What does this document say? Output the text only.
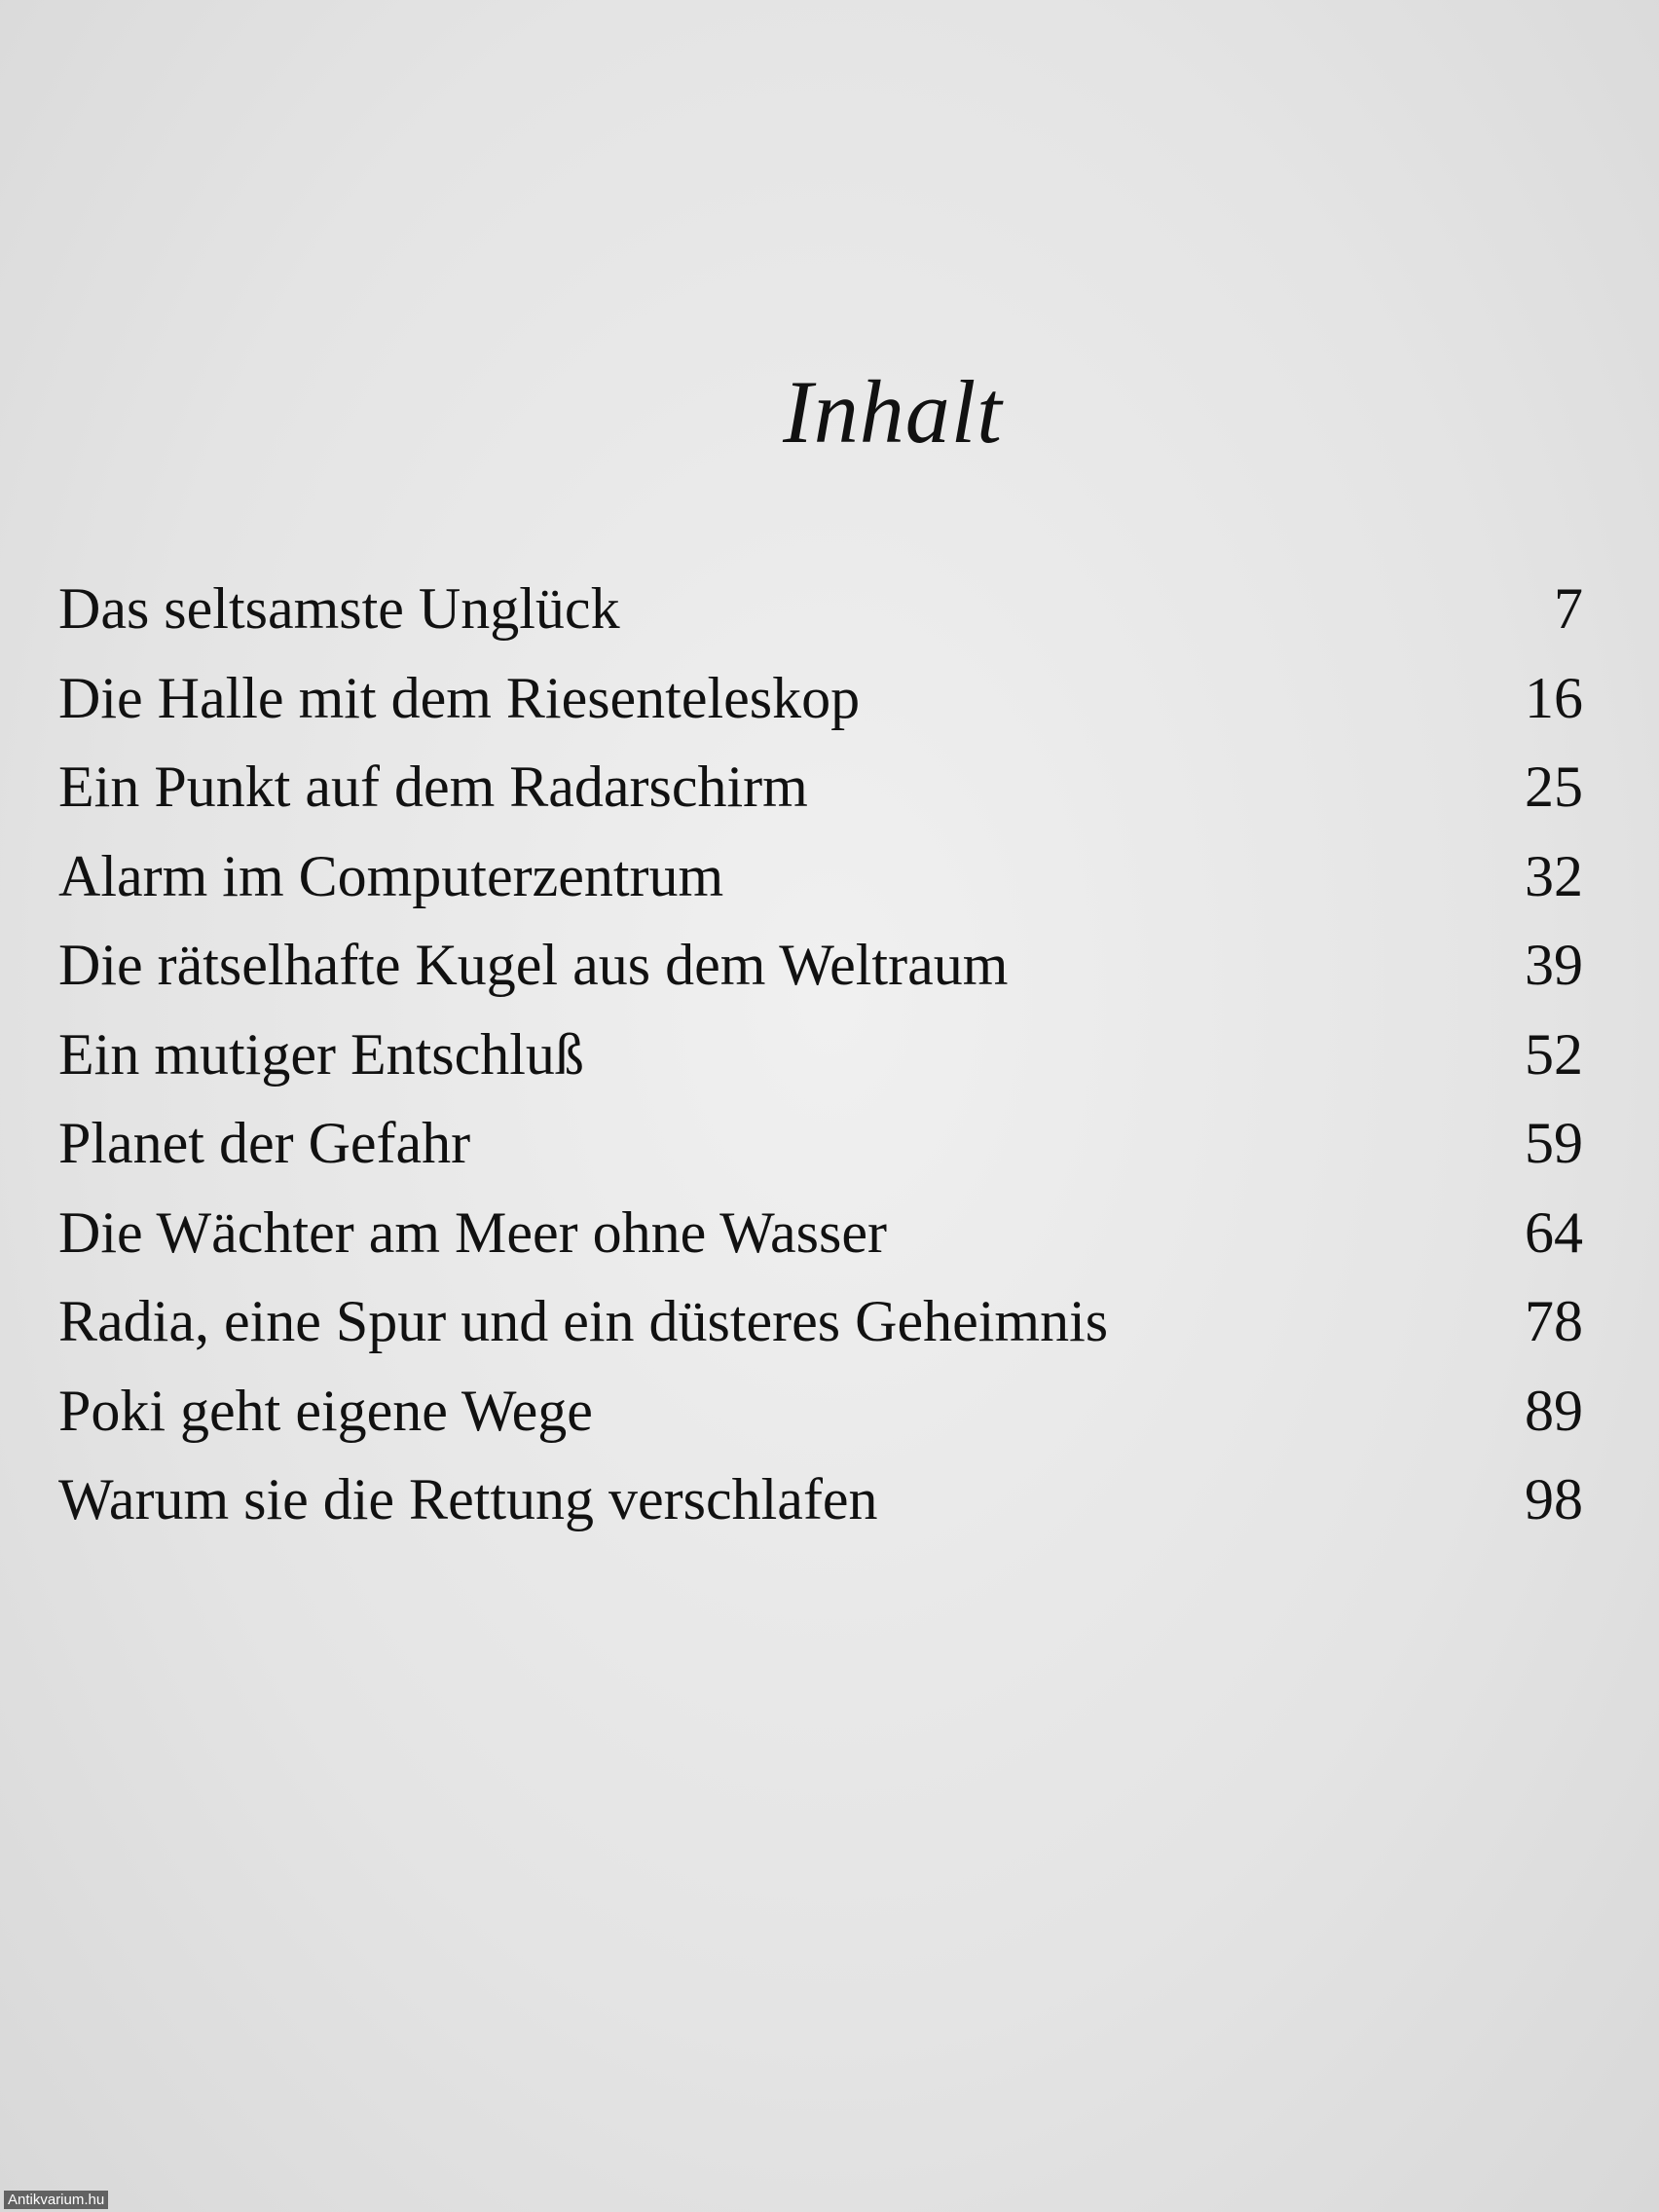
Inhalt
Das seltsamste Unglück	7
Die Halle mit dem Riesenteleskop	16
Ein Punkt auf dem Radarschirm	25
Alarm im Computerzentrum	32
Die rätselhafte Kugel aus dem Weltraum	39
Ein mutiger Entschluß	52
Planet der Gefahr	59
Die Wächter am Meer ohne Wasser	64
Radia, eine Spur und ein düsteres Geheimnis	78
Poki geht eigene Wege	89
Warum sie die Rettung verschlafen	98
Antikvarium.hu
